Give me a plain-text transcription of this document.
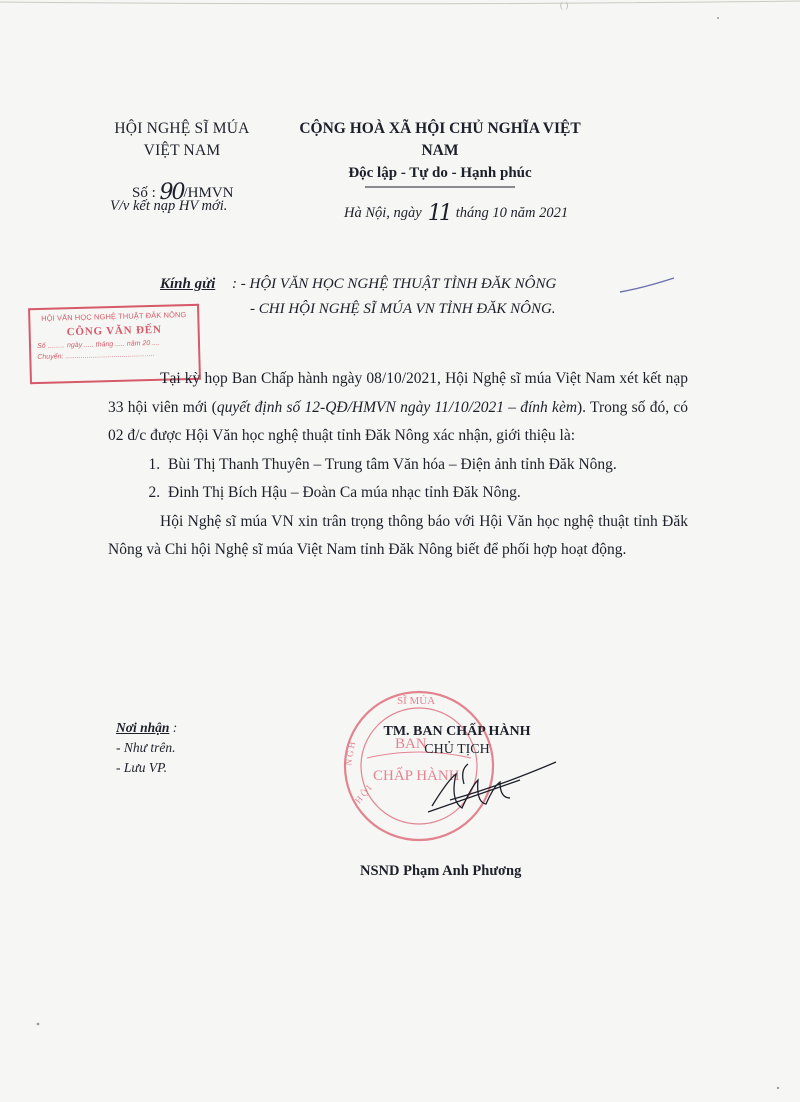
( )
HỘI NGHỆ SĨ MÚA
VIỆT NAM
CỘNG HOÀ XÃ HỘI CHỦ NGHĨA VIỆT NAM
Độc lập - Tự do - Hạnh phúc
Số : 90/HMVN
V/v kết nạp HV mới.	Hà Nội, ngày 11 tháng 10 năm 2021
Kính gửi : - HỘI VĂN HỌC NGHỆ THUẬT TỈNH ĐĂK NÔNG
- CHI HỘI NGHỆ SĨ MÚA VN TỈNH ĐĂK NÔNG.
HỘI VĂN HỌC NGHỆ THUẬT ĐĂK NÔNG
CÔNG VĂN ĐẾN
Số ......... ngày ..... tháng ..... năm 20 ....
Chuyển: ..............................................

Tại kỳ họp Ban Chấp hành ngày 08/10/2021, Hội Nghệ sĩ múa Việt Nam xét kết nạp 33 hội viên mới (quyết định số 12-QĐ/HMVN ngày 11/10/2021 – đính kèm). Trong số đó, có 02 đ/c được Hội Văn học nghệ thuật tỉnh Đăk Nông xác nhận, giới thiệu là:

1. Bùi Thị Thanh Thuyên – Trung tâm Văn hóa – Điện ảnh tỉnh Đăk Nông.
2. Đinh Thị Bích Hậu – Đoàn Ca múa nhạc tỉnh Đăk Nông.

Hội Nghệ sĩ múa VN xin trân trọng thông báo với Hội Văn học nghệ thuật tỉnh Đăk Nông và Chi hội Nghệ sĩ múa Việt Nam tỉnh Đăk Nông biết để phối hợp hoạt động.

Nơi nhận :
- Như trên.
- Lưu VP.
SĨ MÚA
BAN
CHẤP HÀNH
N G H
H Ộ I
TM. BAN CHẤP HÀNH
CHỦ TỊCH
NSND Phạm Anh Phương
